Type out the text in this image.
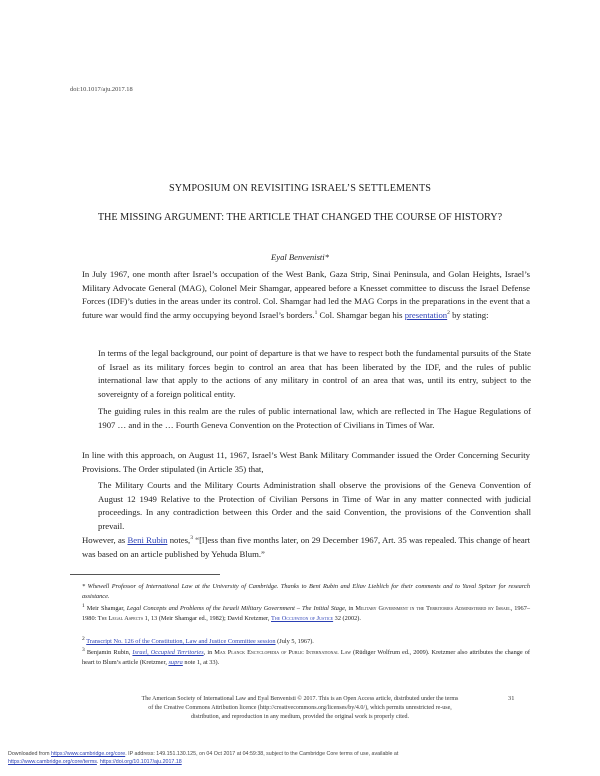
doi:10.1017/aju.2017.18
SYMPOSIUM ON REVISITING ISRAEL’S SETTLEMENTS
THE MISSING ARGUMENT: THE ARTICLE THAT CHANGED THE COURSE OF HISTORY?
Eyal Benvenisti*
In July 1967, one month after Israel’s occupation of the West Bank, Gaza Strip, Sinai Peninsula, and Golan Heights, Israel’s Military Advocate General (MAG), Colonel Meir Shamgar, appeared before a Knesset committee to discuss the Israel Defense Forces (IDF)’s duties in the areas under its control. Col. Shamgar had led the MAG Corps in the preparations in the event that a future war would find the army occupying beyond Israel’s borders.$^1$ Col. Shamgar began his presentation$^2$ by stating:
In terms of the legal background, our point of departure is that we have to respect both the fundamental pursuits of the State of Israel as its military forces begin to control an area that has been liberated by the IDF, and the rules of public international law that apply to the actions of any military in control of an area that was, until its entry, subject to the sovereignty of a foreign political entity.
The guiding rules in this realm are the rules of public international law, which are reflected in The Hague Regulations of 1907 … and in the … Fourth Geneva Convention on the Protection of Civilians in Times of War.
In line with this approach, on August 11, 1967, Israel’s West Bank Military Commander issued the Order Concerning Security Provisions. The Order stipulated (in Article 35) that,
The Military Courts and the Military Courts Administration shall observe the provisions of the Geneva Convention of August 12 1949 Relative to the Protection of Civilian Persons in Time of War in any matter connected with judicial proceedings. In any contradiction between this Order and the said Convention, the provisions of the Convention shall prevail.
However, as Beni Rubin notes,$^3$ “[l]ess than five months later, on 29 December 1967, Art. 35 was repealed. This change of heart was based on an article published by Yehuda Blum.”
* Whewell Professor of International Law at the University of Cambridge. Thanks to Beni Rubin and Eliav Lieblich for their comments and to Yuval Spitzer for research assistance.
$^1$ Meir Shamgar, Legal Concepts and Problems of the Israeli Military Government – The Initial Stage, in Military Government in the Territories Administered by Israel, 1967–1980: The Legal Aspects 1, 13 (Meir Shamgar ed., 1982); David Kretzmer, The Occupation of Justice 32 (2002).
$^2$ Transcript No. 126 of the Constitution, Law and Justice Committee session (July 5, 1967).
$^3$ Benjamin Rubin, Israel, Occupied Territories, in Max Planck Encyclopedia of Public International Law (Rüdiger Wolfrum ed., 2009). Kretzmer also attributes the change of heart to Blum’s article (Kretzmer, supra note 1, at 33).
The American Society of International Law and Eyal Benvenisti © 2017. This is an Open Access article, distributed under the terms of the Creative Commons Attribution licence (http://creativecommons.org/licenses/by/4.0/), which permits unrestricted re-use, distribution, and reproduction in any medium, provided the original work is properly cited.
31
Downloaded from https://www.cambridge.org/core. IP address: 149.151.130.125, on 04 Oct 2017 at 04:59:38, subject to the Cambridge Core terms of use, available at
https://www.cambridge.org/core/terms. https://doi.org/10.1017/aju.2017.18
